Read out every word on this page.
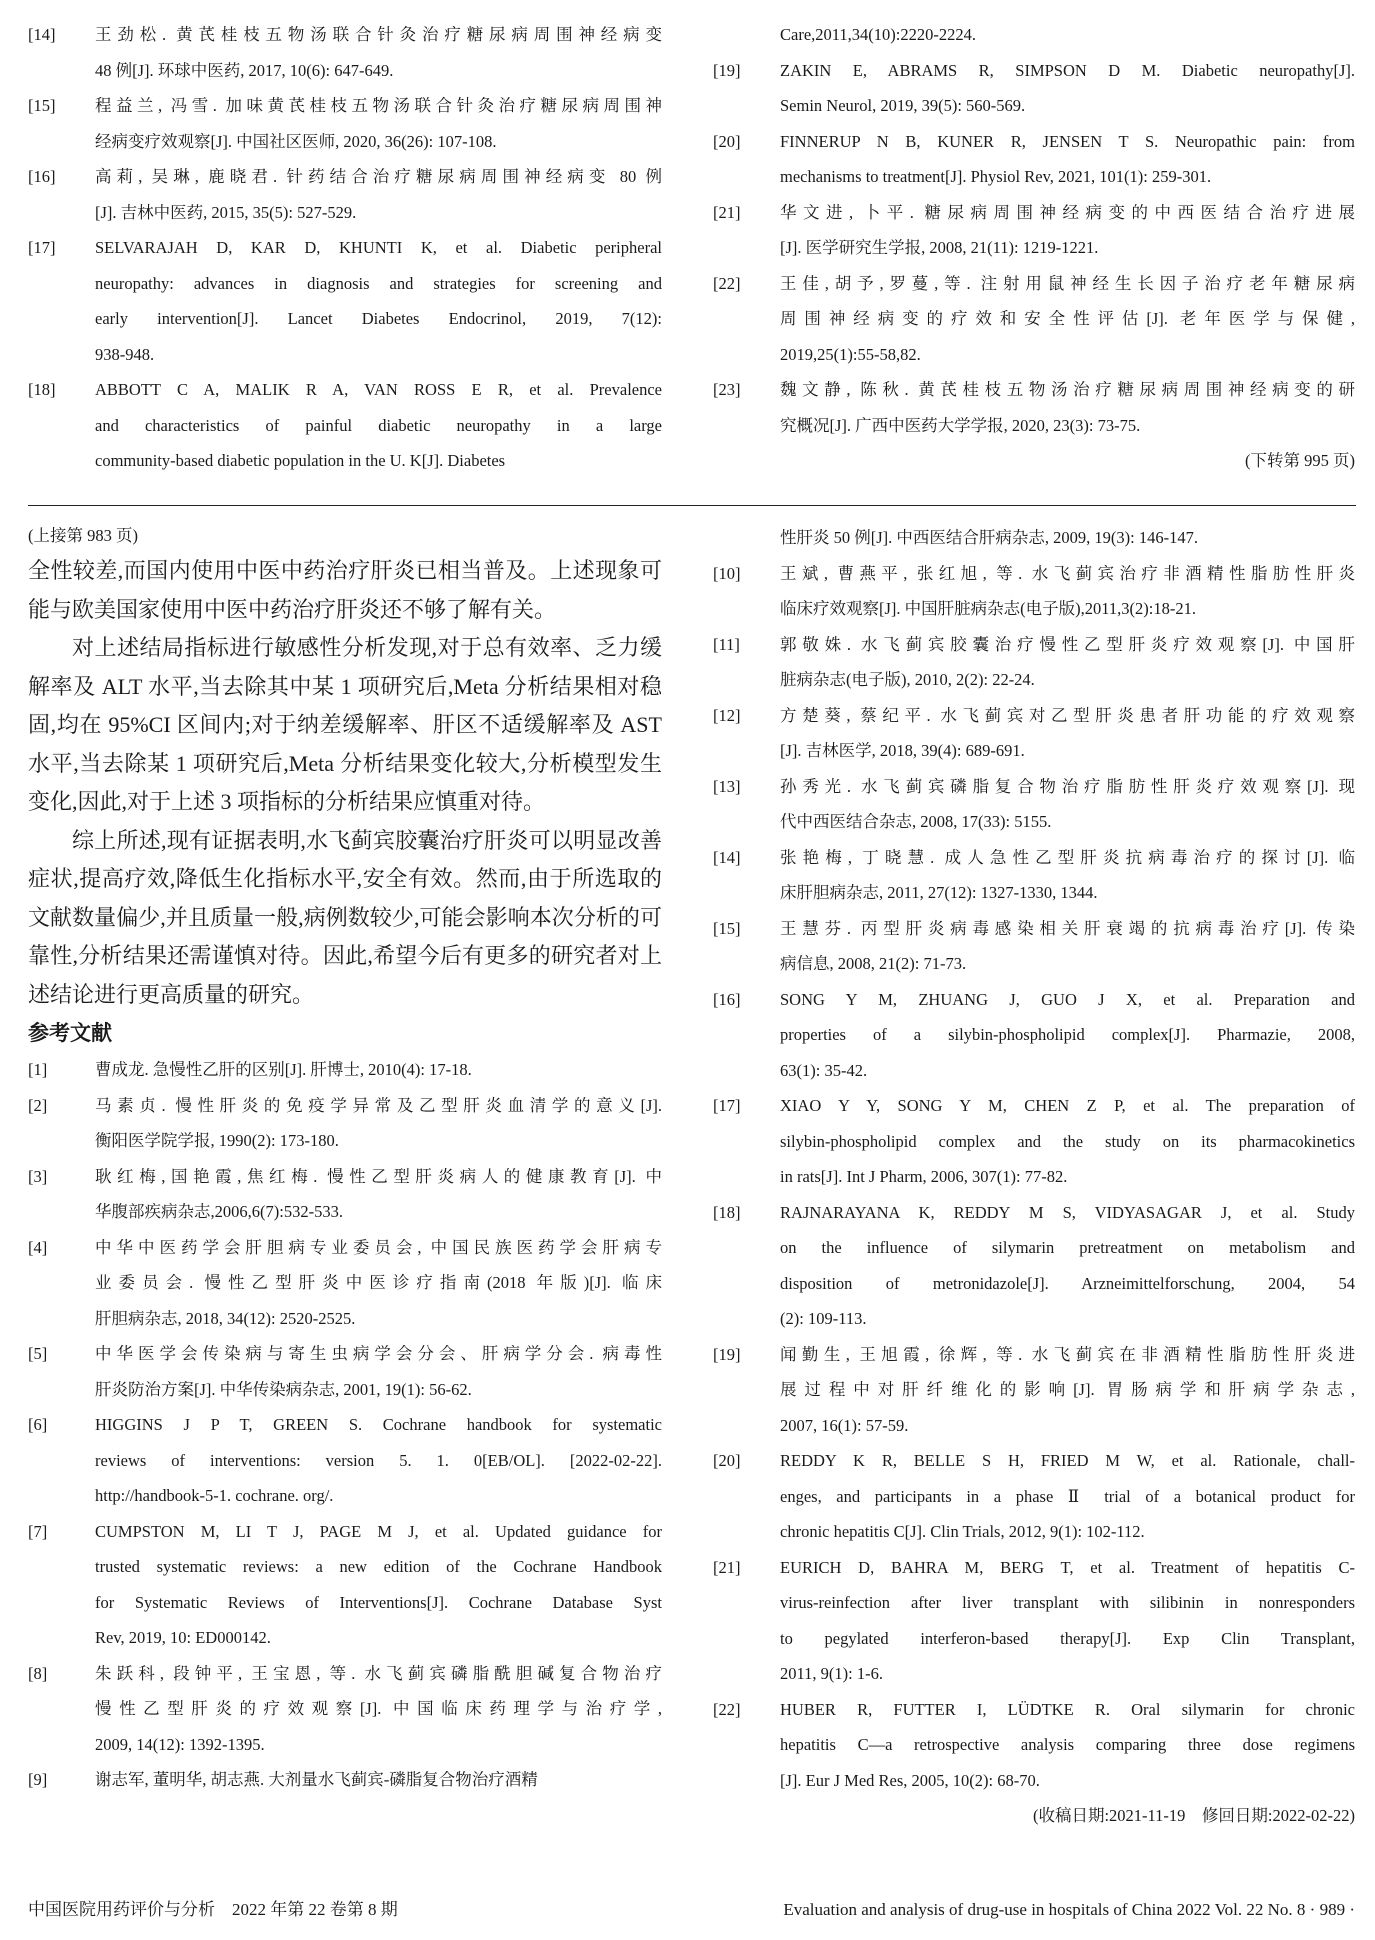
[14]	王劲松. 黄芪桂枝五物汤联合针灸治疗糖尿病周围神经病变
48 例[J]. 环球中医药, 2017, 10(6): 647-649.
[15]	程益兰, 冯雪. 加味黄芪桂枝五物汤联合针灸治疗糖尿病周围神
经病变疗效观察[J]. 中国社区医师, 2020, 36(26): 107-108.
[16]	高莉, 吴琳, 鹿晓君. 针药结合治疗糖尿病周围神经病变 80 例
[J]. 吉林中医药, 2015, 35(5): 527-529.
[17]	SELVARAJAH D, KAR D, KHUNTI K, et al. Diabetic peripheral
neuropathy: advances in diagnosis and strategies for screening and
early intervention[J]. Lancet Diabetes Endocrinol, 2019, 7(12):
938-948.
[18]	ABBOTT C A, MALIK R A, VAN ROSS E R, et al. Prevalence
and characteristics of painful diabetic neuropathy in a large
community-based diabetic population in the U. K[J]. Diabetes
Care,2011,34(10):2220-2224.
[19]	ZAKIN E, ABRAMS R, SIMPSON D M. Diabetic neuropathy[J].
Semin Neurol, 2019, 39(5): 560-569.
[20]	FINNERUP N B, KUNER R, JENSEN T S. Neuropathic pain: from
mechanisms to treatment[J]. Physiol Rev, 2021, 101(1): 259-301.
[21]	华文进, 卜平. 糖尿病周围神经病变的中西医结合治疗进展
[J]. 医学研究生学报, 2008, 21(11): 1219-1221.
[22]	王佳,胡予,罗蔓,等. 注射用鼠神经生长因子治疗老年糖尿病
周围神经病变的疗效和安全性评估[J]. 老年医学与保健,
2019,25(1):55-58,82.
[23]	魏文静, 陈秋. 黄芪桂枝五物汤治疗糖尿病周围神经病变的研
究概况[J]. 广西中医药大学学报, 2020, 23(3): 73-75.
(下转第 995 页)
(上接第 983 页)

全性较差,而国内使用中医中药治疗肝炎已相当普及。上述现象可能与欧美国家使用中医中药治疗肝炎还不够了解有关。

对上述结局指标进行敏感性分析发现,对于总有效率、乏力缓解率及 ALT 水平,当去除其中某 1 项研究后,Meta 分析结果相对稳固,均在 95%CI 区间内;对于纳差缓解率、肝区不适缓解率及 AST 水平,当去除某 1 项研究后,Meta 分析结果变化较大,分析模型发生变化,因此,对于上述 3 项指标的分析结果应慎重对待。

综上所述,现有证据表明,水飞蓟宾胶囊治疗肝炎可以明显改善症状,提高疗效,降低生化指标水平,安全有效。然而,由于所选取的文献数量偏少,并且质量一般,病例数较少,可能会影响本次分析的可靠性,分析结果还需谨慎对待。因此,希望今后有更多的研究者对上述结论进行更高质量的研究。

参考文献
[1]	曹成龙. 急慢性乙肝的区别[J]. 肝博士, 2010(4): 17-18.
[2]	马素贞. 慢性肝炎的免疫学异常及乙型肝炎血清学的意义[J].
衡阳医学院学报, 1990(2): 173-180.
[3]	耿红梅,国艳霞,焦红梅. 慢性乙型肝炎病人的健康教育[J]. 中
华腹部疾病杂志,2006,6(7):532-533.
[4]	中华中医药学会肝胆病专业委员会, 中国民族医药学会肝病专
业委员会. 慢性乙型肝炎中医诊疗指南(2018 年版)[J]. 临床
肝胆病杂志, 2018, 34(12): 2520-2525.
[5]	中华医学会传染病与寄生虫病学会分会、肝病学分会. 病毒性
肝炎防治方案[J]. 中华传染病杂志, 2001, 19(1): 56-62.
[6]	HIGGINS J P T, GREEN S. Cochrane handbook for systematic
reviews of interventions: version 5. 1. 0[EB/OL]. [2022-02-22].
http://handbook-5-1. cochrane. org/.
[7]	CUMPSTON M, LI T J, PAGE M J, et al. Updated guidance for
trusted systematic reviews: a new edition of the Cochrane Handbook
for Systematic Reviews of Interventions[J]. Cochrane Database Syst
Rev, 2019, 10: ED000142.
[8]	朱跃科, 段钟平, 王宝恩, 等. 水飞蓟宾磷脂酰胆碱复合物治疗
慢性乙型肝炎的疗效观察[J]. 中国临床药理学与治疗学,
2009, 14(12): 1392-1395.
[9]	谢志军, 董明华, 胡志燕. 大剂量水飞蓟宾-磷脂复合物治疗酒精
性肝炎 50 例[J]. 中西医结合肝病杂志, 2009, 19(3): 146-147.
[10]	王斌, 曹燕平, 张红旭, 等. 水飞蓟宾治疗非酒精性脂肪性肝炎
临床疗效观察[J]. 中国肝脏病杂志(电子版),2011,3(2):18-21.
[11]	郭敬姝. 水飞蓟宾胶囊治疗慢性乙型肝炎疗效观察[J]. 中国肝
脏病杂志(电子版), 2010, 2(2): 22-24.
[12]	方楚葵, 蔡纪平. 水飞蓟宾对乙型肝炎患者肝功能的疗效观察
[J]. 吉林医学, 2018, 39(4): 689-691.
[13]	孙秀光. 水飞蓟宾磷脂复合物治疗脂肪性肝炎疗效观察[J]. 现
代中西医结合杂志, 2008, 17(33): 5155.
[14]	张艳梅, 丁晓慧. 成人急性乙型肝炎抗病毒治疗的探讨[J]. 临
床肝胆病杂志, 2011, 27(12): 1327-1330, 1344.
[15]	王慧芬. 丙型肝炎病毒感染相关肝衰竭的抗病毒治疗[J]. 传染
病信息, 2008, 21(2): 71-73.
[16]	SONG Y M, ZHUANG J, GUO J X, et al. Preparation and
properties of a silybin-phospholipid complex[J]. Pharmazie, 2008,
63(1): 35-42.
[17]	XIAO Y Y, SONG Y M, CHEN Z P, et al. The preparation of
silybin-phospholipid complex and the study on its pharmacokinetics
in rats[J]. Int J Pharm, 2006, 307(1): 77-82.
[18]	RAJNARAYANA K, REDDY M S, VIDYASAGAR J, et al. Study
on the influence of silymarin pretreatment on metabolism and
disposition of metronidazole[J]. Arzneimittelforschung, 2004, 54
(2): 109-113.
[19]	闻勤生, 王旭霞, 徐辉, 等. 水飞蓟宾在非酒精性脂肪性肝炎进
展过程中对肝纤维化的影响[J]. 胃肠病学和肝病学杂志,
2007, 16(1): 57-59.
[20]	REDDY K R, BELLE S H, FRIED M W, et al. Rationale, chall-
enges, and participants in a phase Ⅱ trial of a botanical product for
chronic hepatitis C[J]. Clin Trials, 2012, 9(1): 102-112.
[21]	EURICH D, BAHRA M, BERG T, et al. Treatment of hepatitis C-
virus-reinfection after liver transplant with silibinin in nonresponders
to pegylated interferon-based therapy[J]. Exp Clin Transplant,
2011, 9(1): 1-6.
[22]	HUBER R, FUTTER I, LÜDTKE R. Oral silymarin for chronic
hepatitis C—a retrospective analysis comparing three dose regimens
[J]. Eur J Med Res, 2005, 10(2): 68-70.
(收稿日期:2021-11-19　修回日期:2022-02-22)
中国医院用药评价与分析　2022 年第 22 卷第 8 期	Evaluation and analysis of drug-use in hospitals of China 2022 Vol. 22 No. 8 · 989 ·
